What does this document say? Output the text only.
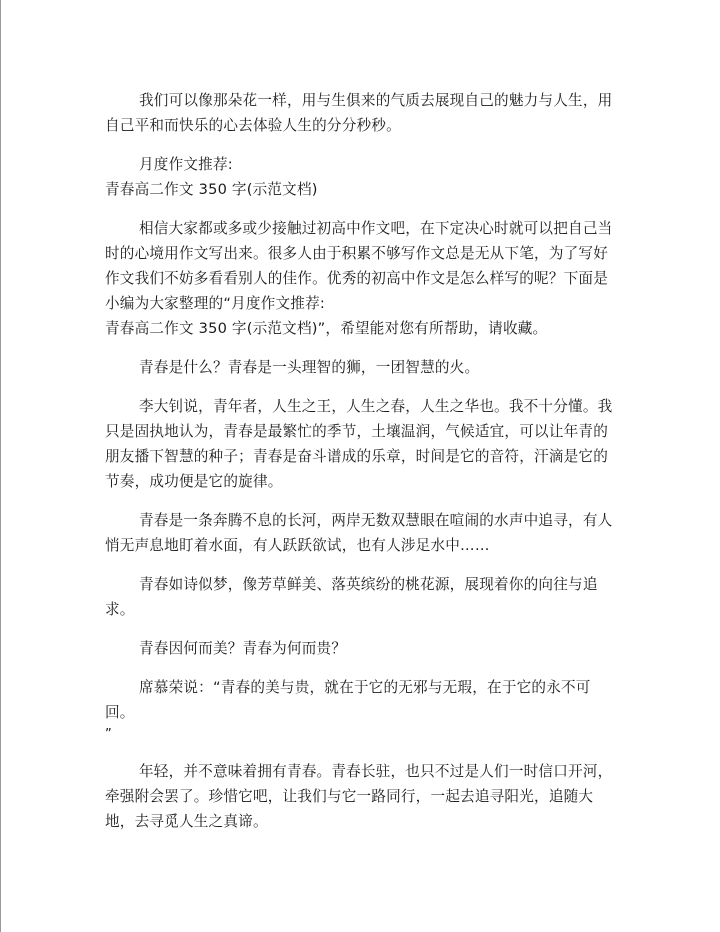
我们可以像那朵花一样，用与生俱来的气质去展现自己的魅力与人生，用自己平和而快乐的心去体验人生的分分秒秒。

月度作文推荐:

青春高二作文 350 字(示范文档)

相信大家都或多或少接触过初高中作文吧，在下定决心时就可以把自己当时的心境用作文写出来。很多人由于积累不够写作文总是无从下笔，为了写好作文我们不妨多看看别人的佳作。优秀的初高中作文是怎么样写的呢？下面是小编为大家整理的“月度作文推荐:

青春高二作文 350 字(示范文档)”，希望能对您有所帮助，请收藏。

青春是什么？青春是一头理智的狮，一团智慧的火。

李大钊说，青年者，人生之王，人生之春，人生之华也。我不十分懂。我只是固执地认为，青春是最繁忙的季节，土壤温润，气候适宜，可以让年青的朋友播下智慧的种子；青春是奋斗谱成的乐章，时间是它的音符，汗滴是它的节奏，成功便是它的旋律。

青春是一条奔腾不息的长河，两岸无数双慧眼在喧闹的水声中追寻，有人悄无声息地盯着水面，有人跃跃欲试，也有人涉足水中……

青春如诗似梦，像芳草鲜美、落英缤纷的桃花源，展现着你的向往与追求。

青春因何而美？青春为何而贵？

席慕荣说：“青春的美与贵，就在于它的无邪与无瑕，在于它的永不可回。

”

年轻，并不意味着拥有青春。青春长驻，也只不过是人们一时信口开河，牵强附会罢了。珍惜它吧，让我们与它一路同行，一起去追寻阳光，追随大地，去寻觅人生之真谛。
